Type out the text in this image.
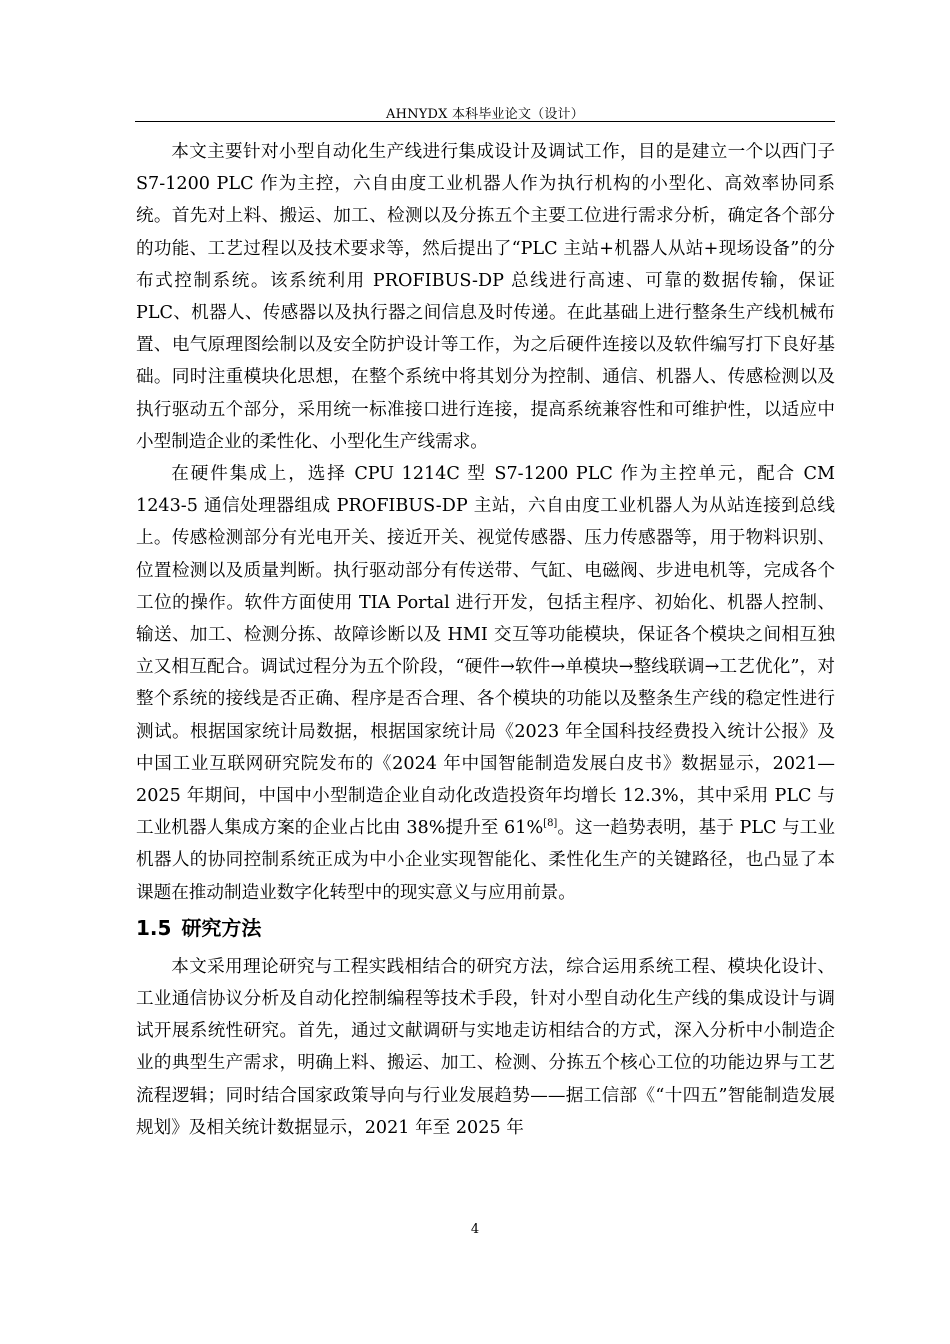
AHNYDX 本科毕业论文（设计）

本文主要针对小型自动化生产线进行集成设计及调试工作，目的是建立一个以西门子 S7-1200 PLC 作为主控，六自由度工业机器人作为执行机构的小型化、高效率协同系统。首先对上料、搬运、加工、检测以及分拣五个主要工位进行需求分析，确定各个部分的功能、工艺过程以及技术要求等，然后提出了“PLC 主站+机器人从站+现场设备”的分布式控制系统。该系统利用 PROFIBUS-DP 总线进行高速、可靠的数据传输，保证 PLC、机器人、传感器以及执行器之间信息及时传递。在此基础上进行整条生产线机械布置、电气原理图绘制以及安全防护设计等工作，为之后硬件连接以及软件编写打下良好基础。同时注重模块化思想，在整个系统中将其划分为控制、通信、机器人、传感检测以及执行驱动五个部分，采用统一标准接口进行连接，提高系统兼容性和可维护性，以适应中小型制造企业的柔性化、小型化生产线需求。

在硬件集成上，选择 CPU 1214C 型 S7-1200 PLC 作为主控单元，配合 CM 1243-5 通信处理器组成 PROFIBUS-DP 主站，六自由度工业机器人为从站连接到总线上。传感检测部分有光电开关、接近开关、视觉传感器、压力传感器等，用于物料识别、位置检测以及质量判断。执行驱动部分有传送带、气缸、电磁阀、步进电机等，完成各个工位的操作。软件方面使用 TIA Portal 进行开发，包括主程序、初始化、机器人控制、输送、加工、检测分拣、故障诊断以及 HMI 交互等功能模块，保证各个模块之间相互独立又相互配合。调试过程分为五个阶段，“硬件→软件→单模块→整线联调→工艺优化”，对整个系统的接线是否正确、程序是否合理、各个模块的功能以及整条生产线的稳定性进行测试。根据国家统计局数据，根据国家统计局《2023 年全国科技经费投入统计公报》及中国工业互联网研究院发布的《2024 年中国智能制造发展白皮书》数据显示，2021—2025 年期间，中国中小型制造企业自动化改造投资年均增长 12.3%，其中采用 PLC 与工业机器人集成方案的企业占比由 38%提升至 61%[8]。这一趋势表明，基于 PLC 与工业机器人的协同控制系统正成为中小企业实现智能化、柔性化生产的关键路径，也凸显了本课题在推动制造业数字化转型中的现实意义与应用前景。

1.5 研究方法

本文采用理论研究与工程实践相结合的研究方法，综合运用系统工程、模块化设计、工业通信协议分析及自动化控制编程等技术手段，针对小型自动化生产线的集成设计与调试开展系统性研究。首先，通过文献调研与实地走访相结合的方式，深入分析中小制造企业的典型生产需求，明确上料、搬运、加工、检测、分拣五个核心工位的功能边界与工艺流程逻辑；同时结合国家政策导向与行业发展趋势——据工信部《“十四五”智能制造发展规划》及相关统计数据显示，2021 年至 2025 年

4
